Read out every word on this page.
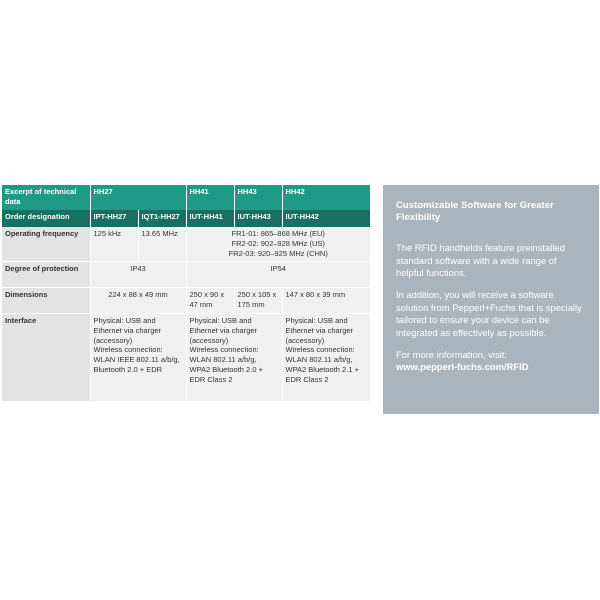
Excerpt of technical data	HH27		HH41	HH43	HH42
Order designation	IPT-HH27	IQT1-HH27	IUT-HH41	IUT-HH43	IUT-HH42
Operating frequency	125 kHz	13.65 MHz	FR1-01: 865–868 MHz (EU)
FR2-02: 902–928 MHz (US)
FR2-03: 920–925 MHz (CHN)		
Degree of protection	IP43		IP54		
Dimensions	224 x 88 x 49 mm		250 x 90 x 47 mm	250 x 105 x 175 mm	147 x 80 x 39 mm
Interface	Physical: USB and Ethernet via charger (accessory)
Wireless connection: WLAN IEEE 802.11 a/b/g, Bluetooth 2.0 + EDR		Physical: USB and Ethernet via charger (accessory)
Wireless connection: WLAN 802.11 a/b/g, WPA2 Bluetooth 2.0 + EDR Class 2		Physical: USB and Ethernet via charger (accessory)
Wireless connection: WLAN 802.11 a/b/g, WPA2 Bluetooth 2.1 + EDR Class 2
Customizable Software for Greater Flexibility

The RFID handhelds feature preinstalled standard software with a wide range of helpful functions.

In addition, you will receive a software solution from Pepperl+Fuchs that is specially tailored to ensure your device can be integrated as effectively as possible.

For more information, visit:
www.pepperl-fuchs.com/RFID
